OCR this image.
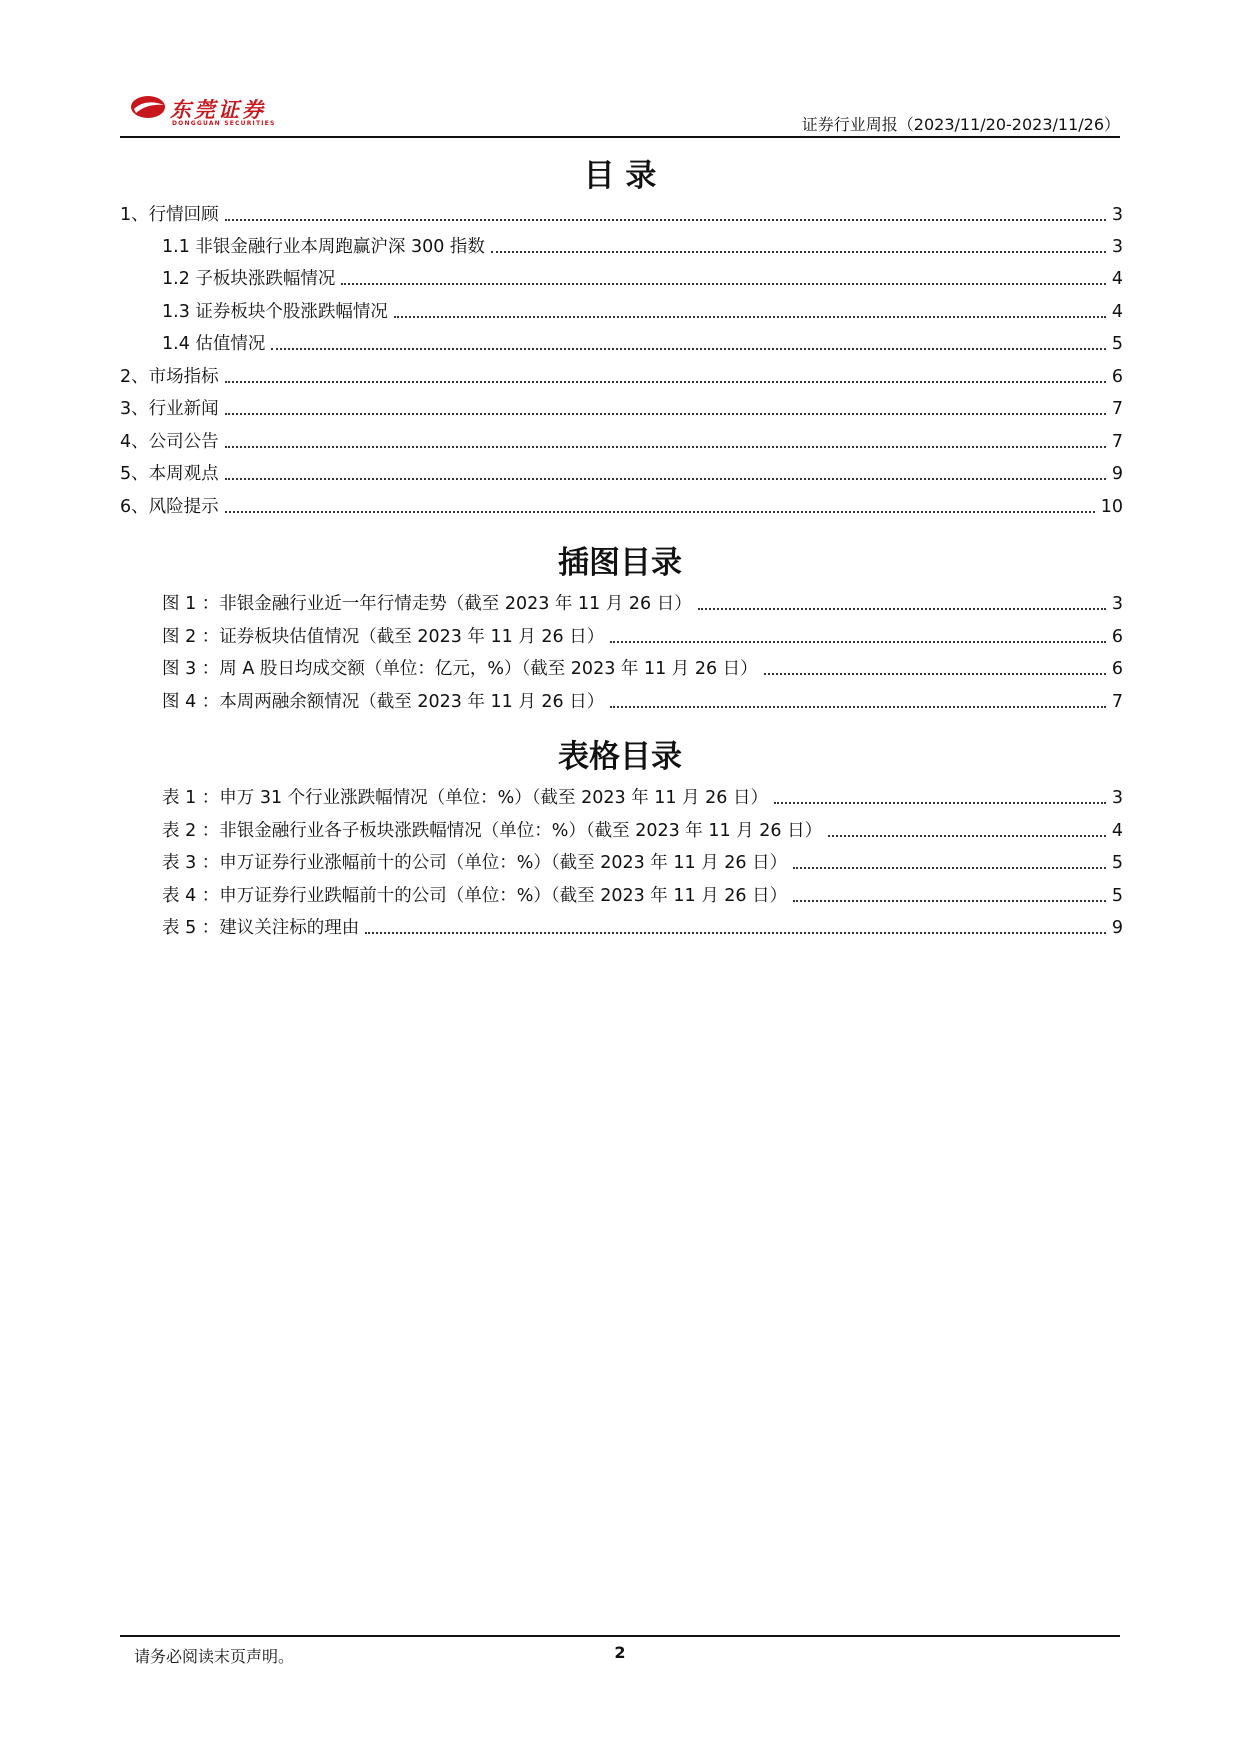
东莞证券
DONGGUAN SECURITIES	证券行业周报（2023/11/20-2023/11/26）
目 录
1、行情回顾	3
1.1 非银金融行业本周跑赢沪深 300 指数	3
1.2 子板块涨跌幅情况	4
1.3 证券板块个股涨跌幅情况	4
1.4 估值情况	5
2、市场指标	6
3、行业新闻	7
4、公司公告	7
5、本周观点	9
6、风险提示	10
插图目录
图 1 ：非银金融行业近一年行情走势（截至 2023 年 11 月 26 日）	3
图 2 ：证券板块估值情况（截至 2023 年 11 月 26 日）	6
图 3 ：周 A 股日均成交额（单位：亿元，%）（截至 2023 年 11 月 26 日）	6
图 4 ：本周两融余额情况（截至 2023 年 11 月 26 日）	7
表格目录
表 1 ：申万 31 个行业涨跌幅情况（单位：%）（截至 2023 年 11 月 26 日）	3
表 2 ：非银金融行业各子板块涨跌幅情况（单位：%）（截至 2023 年 11 月 26 日）	4
表 3 ：申万证券行业涨幅前十的公司（单位：%）（截至 2023 年 11 月 26 日）	5
表 4 ：申万证券行业跌幅前十的公司（单位：%）（截至 2023 年 11 月 26 日）	5
表 5 ：建议关注标的理由	9
请务必阅读末页声明。	2
